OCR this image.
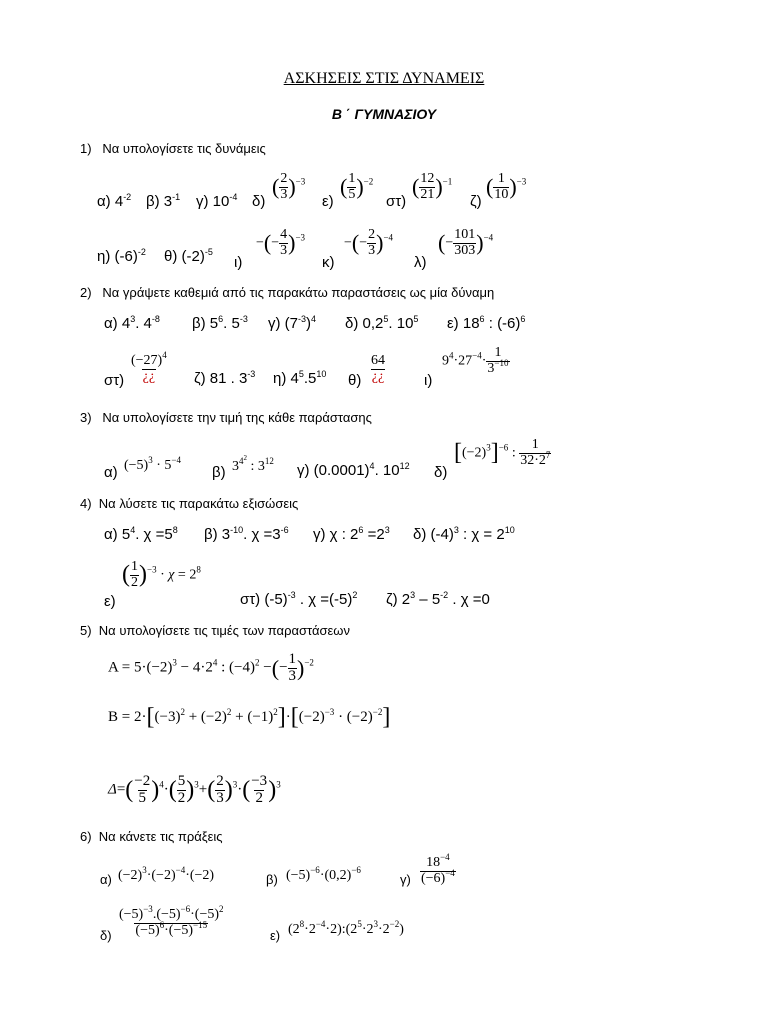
ΑΣΚΗΣΕΙΣ ΣΤΙΣ ΔΥΝΑΜΕΙΣ
Β ΄ ΓΥΜΝΑΣΙΟΥ
1) Να υπολογίσετε τις δυνάμεις
α) $4^{-2}$ β) $3^{-1}$ γ) $10^{-4}$ δ)
( $\frac{2}{3} )^{-3}$
ε)
( $\frac{1}{5} )^{-2}$
στ)
( $\frac{12}{21} )^{-1}$
ζ)
( $\frac{1}{10} )^{-3}$
η) $(-6)^{-2}$ θ) $(-2)^{-5}$
ι)
−(− $\frac{4}{3} )^{-3}$
κ)
−(− $\frac{2}{3} )^{-4}$
λ)
(− $\frac{101}{303} )^{-4}$
2) Να γράψετε καθεμιά από τις παρακάτω παραστάσεις ως μία δύναμη
α) $4^3$. $4^{-8}$ β) $5^6$. $5^{-3}$ γ) $(7^{-3})^4$ δ) $0,2^5$. $10^5$ ε) $18^6$ : $(-6)^6$
$\sigma\tau) \frac{(-27)^4}{¿¿} \zeta$) 81 . $3^{-3}$ η) $4^5.5^{10}$ $\theta) \frac{64}{¿¿}$	ι)
$9^4\cdot 27^{-4}\cdot \frac{1}{3^{-10}}$
3) Να υπολογίσετε την τιμή της κάθε παράστασης
α) $(-5)^3 \cdot 5^{-4}$
β) $3^{4^2}$ : $3^{12}$
γ) $(0.0001)^4$. $10^{12}$ δ)
$[(-2)^3]^{-6}$ : $\frac{1}{32\cdot 2^7}$
4) Να λύσετε τις παρακάτω εξισώσεις
α) $5^4$. $\chi =5^8$ β) $3^{-10}$. $\chi =3^{-6}$ γ) χ : $2^6 =2^3$ δ) $(-4)^3$ : $\chi = 2^{10}$
ε)
( $\frac{1}{2} )^{-3} \cdot \chi = 2^8$
στ) $(-5)^{-3}$ . $\chi =(-5)^2$ ζ) $2^3 - 5^{-2}$ . χ =0
5) Να υπολογίσετε τις τιμές των παραστάσεων
$A = 5\cdot(-2)^3 - 4\cdot 2^4$ : $(-4)^2$ −(− $\frac{1}{3} )^{-2}$
$B = 2\cdot[(-3)^2 + (-2)^2 + (-1)^2]\cdot[(-2)^{-3} \cdot (-2)^{-2}]$
$\Delta=( \frac{-2}{5} )^4\cdot( \frac{5}{2} )^3+( \frac{2}{3} )^3\cdot( \frac{-3}{2} )^3$
6) Να κάνετε τις πράξεις
α) $(-2)^3\cdot(-2)^{-4}\cdot(-2)$	β) $(-5)^{-6}\cdot(0,2)^{-6}$
$\gamma) \frac{18^{-4}}{(-6)^{-4}}$
$\delta) \frac{(-5)^{-3}.(-5)^{-6}\cdot(-5)^2}{(-5)^6\cdot(-5)^{-15}}$	ε) $(2^8\cdot 2^{-4}\cdot 2):(2^5\cdot 2^3\cdot 2^{-2})$
